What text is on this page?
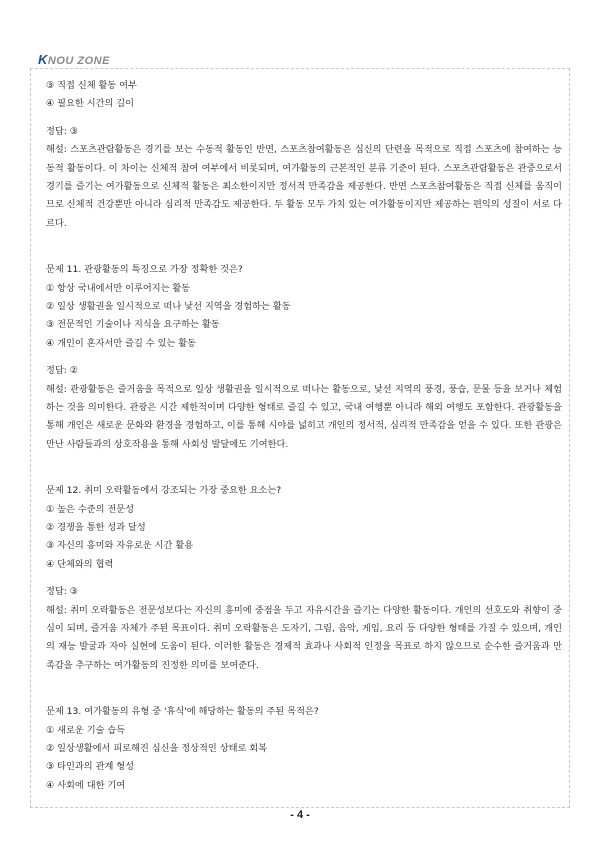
KNOU ZONE
③ 직접 신체 활동 여부
④ 필요한 시간의 길이
정답: ③

해설: 스포츠관람활동은 경기를 보는 수동적 활동인 반면, 스포츠참여활동은 심신의 단련을 목적으로 직접 스포츠에 참여하는 능동적 활동이다. 이 차이는 신체적 참여 여부에서 비롯되며, 여가활동의 근본적인 분류 기준이 된다. 스포츠관람활동은 관중으로서 경기를 즐기는 여가활동으로 신체적 활동은 최소한이지만 정서적 만족감을 제공한다. 반면 스포츠참여활동은 직접 신체를 움직이므로 신체적 건강뿐만 아니라 심리적 만족감도 제공한다. 두 활동 모두 가치 있는 여가활동이지만 제공하는 편익의 성질이 서로 다르다.

문제 11. 관광활동의 특징으로 가장 정확한 것은?
① 항상 국내에서만 이루어지는 활동
② 일상 생활권을 일시적으로 떠나 낯선 지역을 경험하는 활동
③ 전문적인 기술이나 지식을 요구하는 활동
④ 개인이 혼자서만 즐길 수 있는 활동
정답: ②

해설: 관광활동은 즐거움을 목적으로 일상 생활권을 일시적으로 떠나는 활동으로, 낯선 지역의 풍경, 풍습, 문물 등을 보거나 체험하는 것을 의미한다. 관광은 시간 제한적이며 다양한 형태로 즐길 수 있고, 국내 여행뿐 아니라 해외 여행도 포함한다. 관광활동을 통해 개인은 새로운 문화와 환경을 경험하고, 이를 통해 시야를 넓히고 개인의 정서적, 심리적 만족감을 얻을 수 있다. 또한 관광은 만난 사람들과의 상호작용을 통해 사회성 발달에도 기여한다.

문제 12. 취미 오락활동에서 강조되는 가장 중요한 요소는?
① 높은 수준의 전문성
② 경쟁을 통한 성과 달성
③ 자신의 흥미와 자유로운 시간 활용
④ 단체와의 협력
정답: ③

해설: 취미 오락활동은 전문성보다는 자신의 흥미에 중점을 두고 자유시간을 즐기는 다양한 활동이다. 개인의 선호도와 취향이 중심이 되며, 즐거움 자체가 주된 목표이다. 취미 오락활동은 도자기, 그림, 음악, 게임, 요리 등 다양한 형태를 가질 수 있으며, 개인의 재능 발굴과 자아 실현에 도움이 된다. 이러한 활동은 경제적 효과나 사회적 인정을 목표로 하지 않으므로 순수한 즐거움과 만족감을 추구하는 여가활동의 진정한 의미를 보여준다.

문제 13. 여가활동의 유형 중 '휴식'에 해당하는 활동의 주된 목적은?
① 새로운 기술 습득
② 일상생활에서 피로해진 심신을 정상적인 상태로 회복
③ 타인과의 관계 형성
④ 사회에 대한 기여
- 4 -
